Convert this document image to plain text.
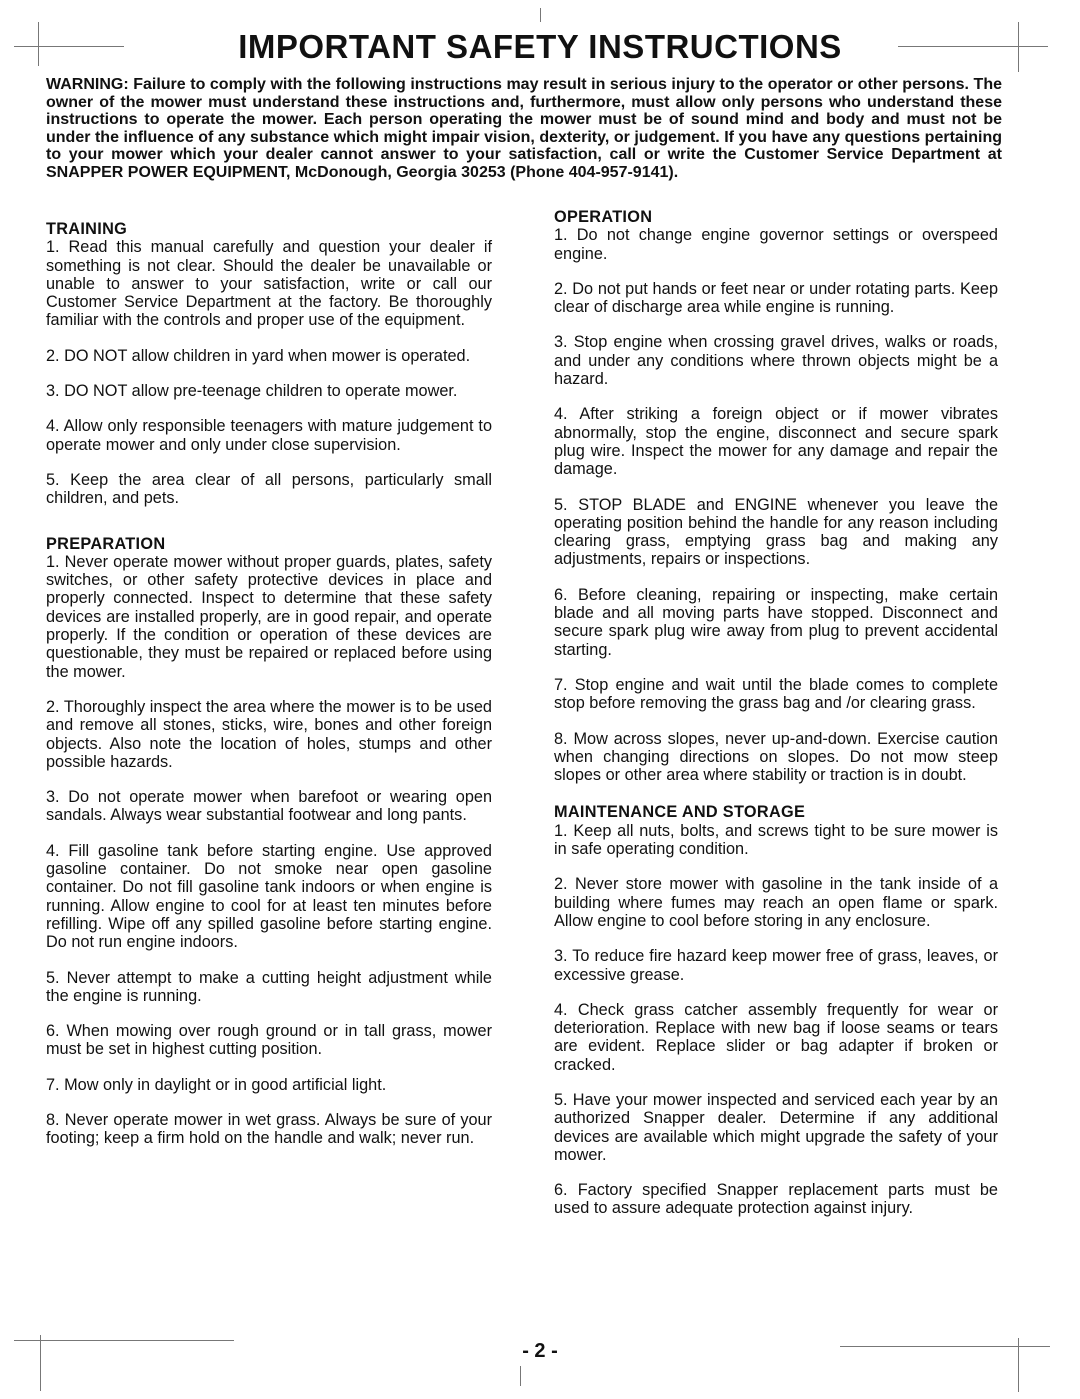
IMPORTANT SAFETY INSTRUCTIONS

WARNING: Failure to comply with the following instructions may result in serious injury to the operator or other persons. The owner of the mower must understand these instructions and, furthermore, must allow only persons who understand these instructions to operate the mower. Each person operating the mower must be of sound mind and body and must not be under the influence of any substance which might impair vision, dexterity, or judgement. If you have any questions pertaining to your mower which your dealer cannot answer to your satisfaction, call or write the Customer Service Department at SNAPPER POWER EQUIPMENT, McDonough, Georgia 30253 (Phone 404-957-9141).

TRAINING

1. Read this manual carefully and question your dealer if something is not clear. Should the dealer be unavailable or unable to answer to your satisfaction, write or call our Customer Service Department at the factory. Be thoroughly familiar with the controls and proper use of the equipment.

2. DO NOT allow children in yard when mower is operated.

3. DO NOT allow pre-teenage children to operate mower.

4. Allow only responsible teenagers with mature judgement to operate mower and only under close supervision.

5. Keep the area clear of all persons, particularly small children, and pets.

PREPARATION

1. Never operate mower without proper guards, plates, safety switches, or other safety protective devices in place and properly connected. Inspect to determine that these safety devices are installed properly, are in good repair, and operate properly. If the condition or operation of these devices are questionable, they must be repaired or replaced before using the mower.

2. Thoroughly inspect the area where the mower is to be used and remove all stones, sticks, wire, bones and other foreign objects. Also note the location of holes, stumps and other possible hazards.

3. Do not operate mower when barefoot or wearing open sandals. Always wear substantial footwear and long pants.

4. Fill gasoline tank before starting engine. Use approved gasoline container. Do not smoke near open gasoline container. Do not fill gasoline tank indoors or when engine is running. Allow engine to cool for at least ten minutes before refilling. Wipe off any spilled gasoline before starting engine. Do not run engine indoors.

5. Never attempt to make a cutting height adjustment while the engine is running.

6. When mowing over rough ground or in tall grass, mower must be set in highest cutting position.

7. Mow only in daylight or in good artificial light.

8. Never operate mower in wet grass. Always be sure of your footing; keep a firm hold on the handle and walk; never run.

OPERATION

1. Do not change engine governor settings or overspeed engine.

2. Do not put hands or feet near or under rotating parts. Keep clear of discharge area while engine is running.

3. Stop engine when crossing gravel drives, walks or roads, and under any conditions where thrown objects might be a hazard.

4. After striking a foreign object or if mower vibrates abnormally, stop the engine, disconnect and secure spark plug wire. Inspect the mower for any damage and repair the damage.

5. STOP BLADE and ENGINE whenever you leave the operating position behind the handle for any reason including clearing grass, emptying grass bag and making any adjustments, repairs or inspections.

6. Before cleaning, repairing or inspecting, make certain blade and all moving parts have stopped. Disconnect and secure spark plug wire away from plug to prevent accidental starting.

7. Stop engine and wait until the blade comes to complete stop before removing the grass bag and /or clearing grass.

8. Mow across slopes, never up-and-down. Exercise caution when changing directions on slopes. Do not mow steep slopes or other area where stability or traction is in doubt.

MAINTENANCE AND STORAGE

1. Keep all nuts, bolts, and screws tight to be sure mower is in safe operating condition.

2. Never store mower with gasoline in the tank inside of a building where fumes may reach an open flame or spark. Allow engine to cool before storing in any enclosure.

3. To reduce fire hazard keep mower free of grass, leaves, or excessive grease.

4. Check grass catcher assembly frequently for wear or deterioration. Replace with new bag if loose seams or tears are evident. Replace slider or bag adapter if broken or cracked.

5. Have your mower inspected and serviced each year by an authorized Snapper dealer. Determine if any additional devices are available which might upgrade the safety of your mower.

6. Factory specified Snapper replacement parts must be used to assure adequate protection against injury.

- 2 -
